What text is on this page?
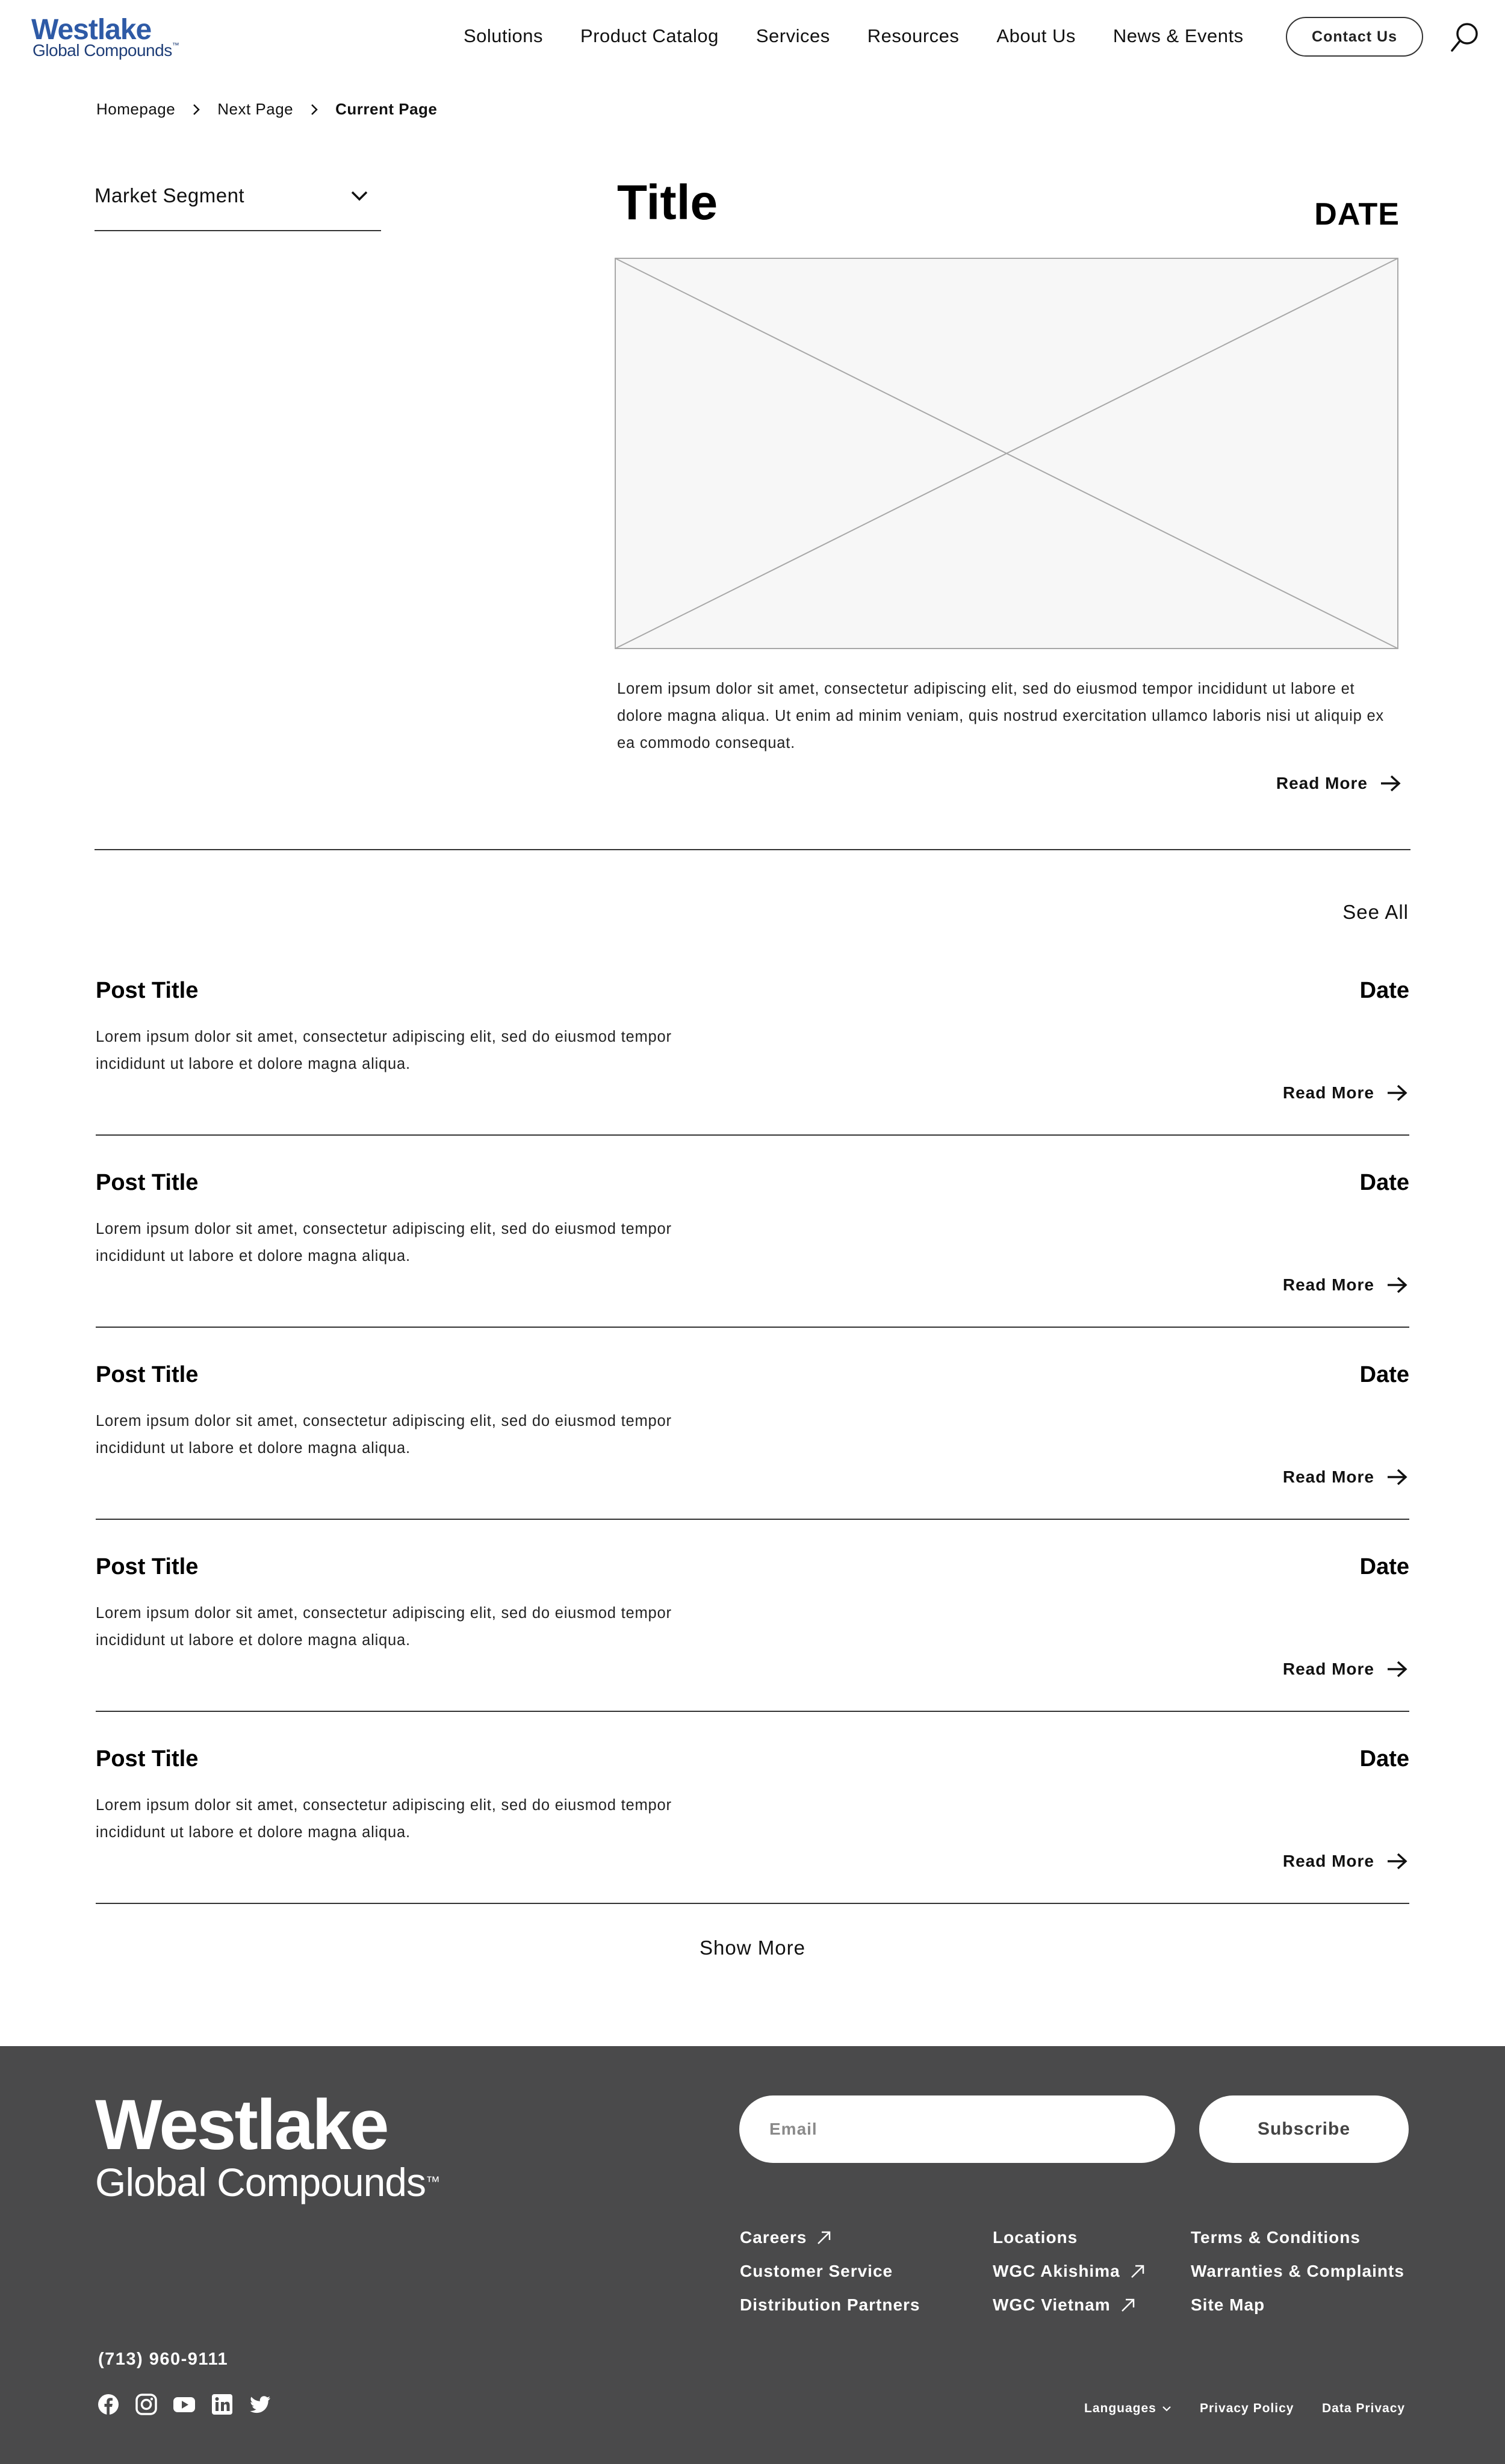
Westlake
Global Compounds™	Solutions Product Catalog Services Resources About Us News & Events	Contact Us
Homepage	Next Page	Current Page
Market Segment	Title	DATE
Lorem ipsum dolor sit amet, consectetur adipiscing elit, sed do eiusmod tempor incididunt ut labore et dolore magna aliqua. Ut enim ad minim veniam, quis nostrud exercitation ullamco laboris nisi ut aliquip ex ea commodo consequat.
Read More
See All
Post Title	Date
Lorem ipsum dolor sit amet, consectetur adipiscing elit, sed do eiusmod tempor incididunt ut labore et dolore magna aliqua.
Read More
Post Title	Date
Lorem ipsum dolor sit amet, consectetur adipiscing elit, sed do eiusmod tempor incididunt ut labore et dolore magna aliqua.
Read More
Post Title	Date
Lorem ipsum dolor sit amet, consectetur adipiscing elit, sed do eiusmod tempor incididunt ut labore et dolore magna aliqua.
Read More
Post Title	Date
Lorem ipsum dolor sit amet, consectetur adipiscing elit, sed do eiusmod tempor incididunt ut labore et dolore magna aliqua.
Read More
Post Title	Date
Lorem ipsum dolor sit amet, consectetur adipiscing elit, sed do eiusmod tempor incididunt ut labore et dolore magna aliqua.
Read More
Show More
Westlake
Global Compounds™
Email
Subscribe
Careers
Customer Service
Distribution Partners
Locations
WGC Akishima
WGC Vietnam
Terms & Conditions
Warranties & Complaints
Site Map
(713) 960-9111
Languages	Privacy Policy Data Privacy
